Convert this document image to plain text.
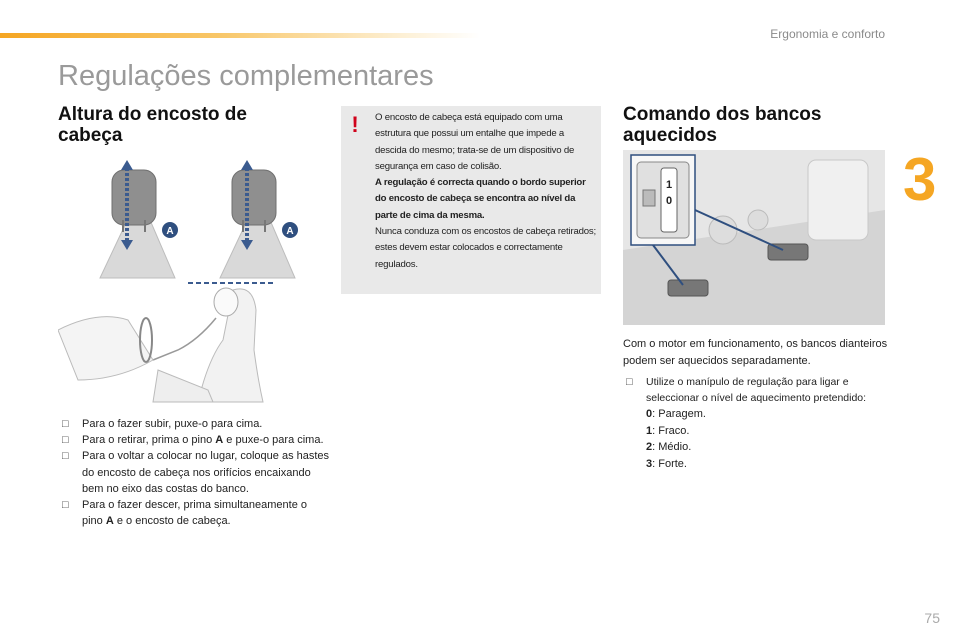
Ergonomia e conforto
3
Regulações complementares
Altura do encosto de cabeça
Comando dos bancos aquecidos
! O encosto de cabeça está equipado com uma estrutura que possui um entalhe que impede a descida do mesmo; trata-se de um dispositivo de segurança em caso de colisão.

A regulação é correcta quando o bordo superior do encosto de cabeça se encontra ao nível da parte de cima da mesma.

Nunca conduza com os encostos de cabeça retirados; estes devem estar colocados e correctamente regulados.

A	A
1
0
□ Para o fazer subir, puxe-o para cima.
□ Para o retirar, prima o pino A e puxe-o para cima.
□ Para o voltar a colocar no lugar, coloque as hastes do encosto de cabeça nos orifícios encaixando bem no eixo das costas do banco.
□ Para o fazer descer, prima simultaneamente o pino A e o encosto de cabeça.

Com o motor em funcionamento, os bancos dianteiros podem ser aquecidos separadamente.

□ Utilize o manípulo de regulação para ligar e seleccionar o nível de aquecimento pretendido:
0: Paragem.
1: Fraco.
2: Médio.
3: Forte.
75
